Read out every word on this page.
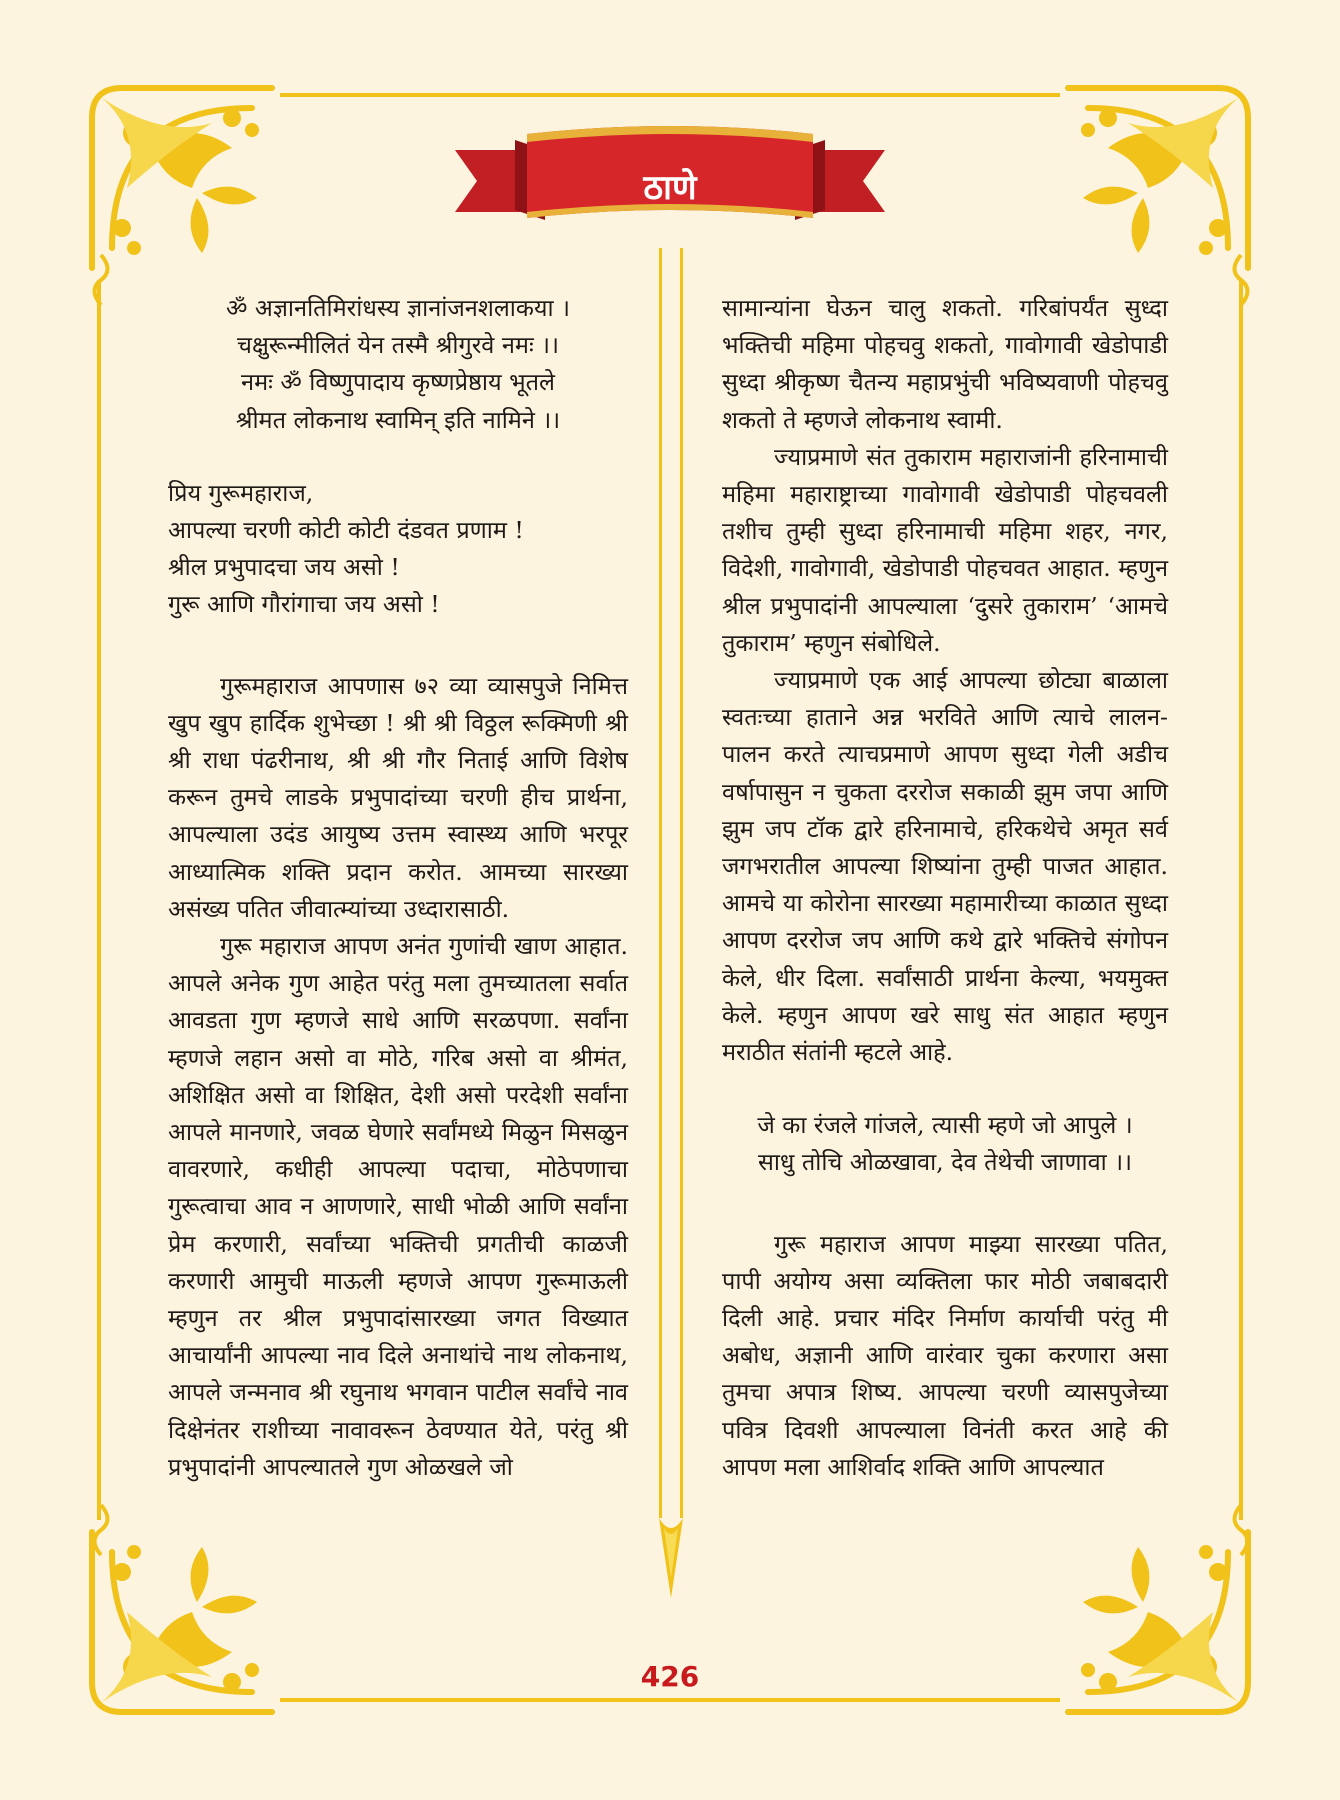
ठाणे

ॐ अज्ञानतिमिरांधस्य ज्ञानांजनशलाकया ।

चक्षुरून्मीलितं येन तस्मै श्रीगुरवे नमः ।।

नमः ॐ विष्णुपादाय कृष्णप्रेष्ठाय भूतले

श्रीमत लोकनाथ स्वामिन् इति नामिने ।।

प्रिय गुरूमहाराज,

आपल्या चरणी कोटी कोटी दंडवत प्रणाम !

श्रील प्रभुपादचा जय असो !

गुरू आणि गौरांगाचा जय असो !

गुरूमहाराज आपणास ७२ व्या व्यासपुजे निमित्त खुप खुप हार्दिक शुभेच्छा ! श्री श्री विठ्ठल रूक्मिणी श्री श्री राधा पंढरीनाथ, श्री श्री गौर निताई आणि विशेष करून तुमचे लाडके प्रभुपादांच्या चरणी हीच प्रार्थना, आपल्याला उदंड आयुष्य उत्तम स्वास्थ्य आणि भरपूर आध्यात्मिक शक्ति प्रदान करोत. आमच्या सारख्या असंख्य पतित जीवात्म्यांच्या उध्दारासाठी.

गुरू महाराज आपण अनंत गुणांची खाण आहात. आपले अनेक गुण आहेत परंतु मला तुमच्यातला सर्वात आवडता गुण म्हणजे साधे आणि सरळपणा. सर्वांना म्हणजे लहान असो वा मोठे, गरिब असो वा श्रीमंत, अशिक्षित असो वा शिक्षित, देशी असो परदेशी सर्वांना आपले मानणारे, जवळ घेणारे सर्वांमध्ये मिळुन मिसळुन वावरणारे, कधीही आपल्या पदाचा, मोठेपणाचा गुरूत्वाचा आव न आणणारे, साधी भोळी आणि सर्वांना प्रेम करणारी, सर्वांच्या भक्तिची प्रगतीची काळजी करणारी आमुची माऊली म्हणजे आपण गुरूमाऊली म्हणुन तर श्रील प्रभुपादांसारख्या जगत विख्यात आचार्यांनी आपल्या नाव दिले अनाथांचे नाथ लोकनाथ, आपले जन्मनाव श्री रघुनाथ भगवान पाटील सर्वांचे नाव दिक्षेनंतर राशीच्या नावावरून ठेवण्यात येते, परंतु श्री प्रभुपादांनी आपल्यातले गुण ओळखले जो

सामान्यांना घेऊन चालु शकतो. गरिबांपर्यंत सुध्दा भक्तिची महिमा पोहचवु शकतो, गावोगावी खेडोपाडी सुध्दा श्रीकृष्ण चैतन्य महाप्रभुंची भविष्यवाणी पोहचवु शकतो ते म्हणजे लोकनाथ स्वामी.

ज्याप्रमाणे संत तुकाराम महाराजांनी हरिनामाची महिमा महाराष्ट्राच्या गावोगावी खेडोपाडी पोहचवली तशीच तुम्ही सुध्दा हरिनामाची महिमा शहर, नगर, विदेशी, गावोगावी, खेडोपाडी पोहचवत आहात. म्हणुन श्रील प्रभुपादांनी आपल्याला ‘दुसरे तुकाराम’ ‘आमचे तुकाराम’ म्हणुन संबोधिले.

ज्याप्रमाणे एक आई आपल्या छोट्या बाळाला स्वतःच्या हाताने अन्न भरविते आणि त्याचे लालन-पालन करते त्याचप्रमाणे आपण सुध्दा गेली अडीच वर्षापासुन न चुकता दररोज सकाळी झुम जपा आणि झुम जप टॉक द्वारे हरिनामाचे, हरिकथेचे अमृत सर्व जगभरातील आपल्या शिष्यांना तुम्ही पाजत आहात. आमचे या कोरोना सारख्या महामारीच्या काळात सुध्दा आपण दररोज जप आणि कथे द्वारे भक्तिचे संगोपन केले, धीर दिला. सर्वांसाठी प्रार्थना केल्या, भयमुक्त केले. म्हणुन आपण खरे साधु संत आहात म्हणुन मराठीत संतांनी म्हटले आहे.

जे का रंजले गांजले, त्यासी म्हणे जो आपुले ।

साधु तोचि ओळखावा, देव तेथेची जाणावा ।।

गुरू महाराज आपण माझ्या सारख्या पतित, पापी अयोग्य असा व्यक्तिला फार मोठी जबाबदारी दिली आहे. प्रचार मंदिर निर्माण कार्याची परंतु मी अबोध, अज्ञानी आणि वारंवार चुका करणारा असा तुमचा अपात्र शिष्य. आपल्या चरणी व्यासपुजेच्या पवित्र दिवशी आपल्याला विनंती करत आहे की आपण मला आशिर्वाद शक्ति आणि आपल्यात

426
